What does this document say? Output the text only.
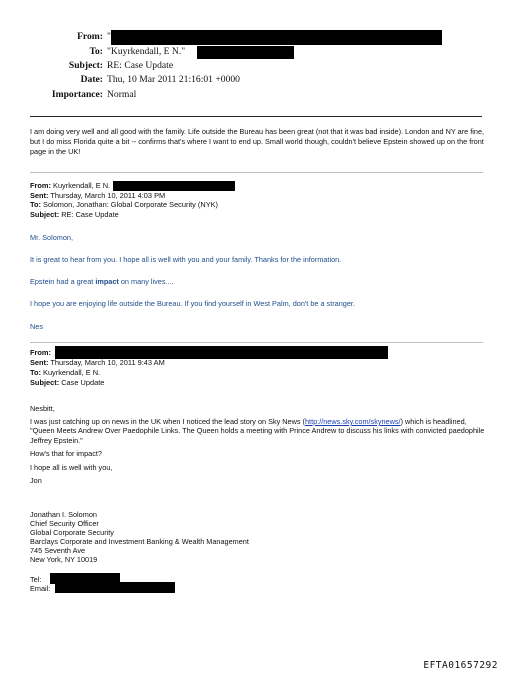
From: "
To: "Kuyrkendall, E N."
Subject: RE: Case Update
Date: Thu, 10 Mar 2011 21:16:01 +0000
Importance: Normal
I am doing very well and all good with the family. Life outside the Bureau has been great (not that it was bad inside). London and NY are fine, but I do miss Florida quite a bit -- confirms that's where I want to end up. Small world though, couldn't believe Epstein showed up on the front page in the UK!
From: Kuyrkendall, E N.
Sent: Thursday, March 10, 2011 4:03 PM
To: Solomon, Jonathan: Global Corporate Security (NYK)
Subject: RE: Case Update
Mr. Solomon,
It is great to hear from you. I hope all is well with you and your family. Thanks for the information.
Epstein had a great impact on many lives....
I hope you are enjoying life outside the Bureau. If you find yourself in West Palm, don't be a stranger.
Nes
From:
Sent: Thursday, March 10, 2011 9:43 AM
To: Kuyrkendall, E N.
Subject: Case Update
Nesbitt,
I was just catching up on news in the UK when I noticed the lead story on Sky News (http://news.sky.com/skynews/) which is headlined, "Queen Meets Andrew Over Paedophile Links. The Queen holds a meeting with Prince Andrew to discuss his links with convicted paedophile Jeffrey Epstein."
How's that for impact?
I hope all is well with you,
Jon
Jonathan I. Solomon
Chief Security Officer
Global Corporate Security
Barclays Corporate and Investment Banking & Wealth Management
745 Seventh Ave
New York, NY 10019
Tel:
Email:
EFTA01657292
